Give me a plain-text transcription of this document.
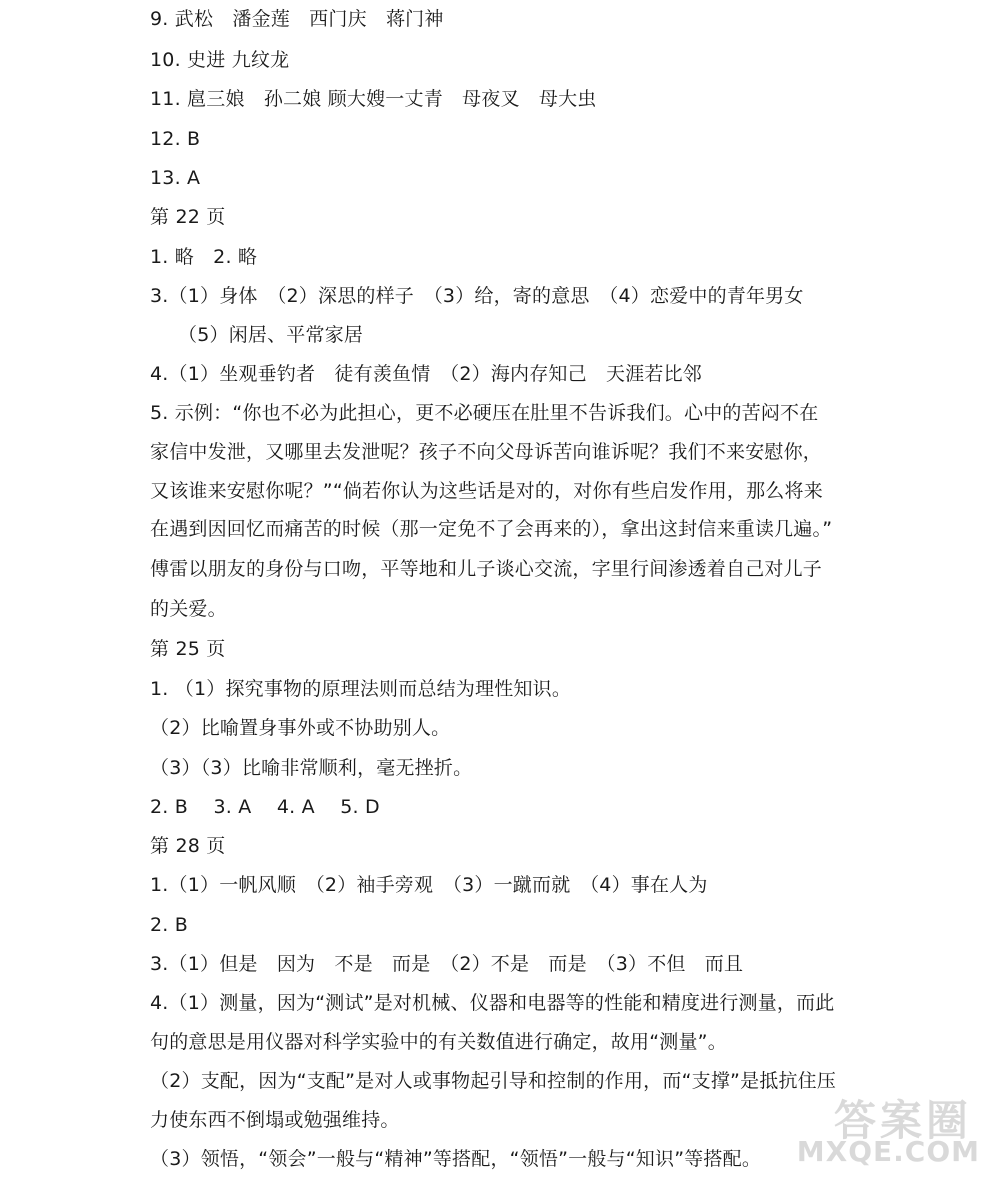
9. 武松　潘金莲　西门庆　蒋门神
10. 史进 九纹龙
11. 扈三娘　孙二娘 顾大嫂一丈青　母夜叉　母大虫
12. B
13. A
第 22 页
1. 略　2. 略
3.（1）身体　（2）深思的样子　（3）给，寄的意思　（4）恋爱中的青年男女
（5）闲居、平常家居
4.（1）坐观垂钓者　徒有羡鱼情　（2）海内存知己　天涯若比邻
5. 示例：“你也不必为此担心，更不必硬压在肚里不告诉我们。心中的苦闷不在
家信中发泄，又哪里去发泄呢？孩子不向父母诉苦向谁诉呢？我们不来安慰你，
又该谁来安慰你呢？”“倘若你认为这些话是对的，对你有些启发作用，那么将来
在遇到因回忆而痛苦的时候（那一定免不了会再来的），拿出这封信来重读几遍。”
傅雷以朋友的身份与口吻，平等地和儿子谈心交流，字里行间渗透着自己对儿子
的关爱。
第 25 页
1. （1）探究事物的原理法则而总结为理性知识。
（2）比喻置身事外或不协助别人。
（3）（3）比喻非常顺利，毫无挫折。
2. B　 3. A　 4. A　 5. D
第 28 页
1.（1）一帆风顺　（2）袖手旁观　（3）一蹴而就　（4）事在人为
2. B
3.（1）但是　因为　不是　而是　（2）不是　而是　（3）不但　而且
4.（1）测量，因为“测试”是对机械、仪器和电器等的性能和精度进行测量，而此
句的意思是用仪器对科学实验中的有关数值进行确定，故用“测量”。
（2）支配，因为“支配”是对人或事物起引导和控制的作用，而“支撑”是抵抗住压
力使东西不倒塌或勉强维持。
（3）领悟，“领会”一般与“精神”等搭配，“领悟”一般与“知识”等搭配。
答案圈
MXQE.COM
